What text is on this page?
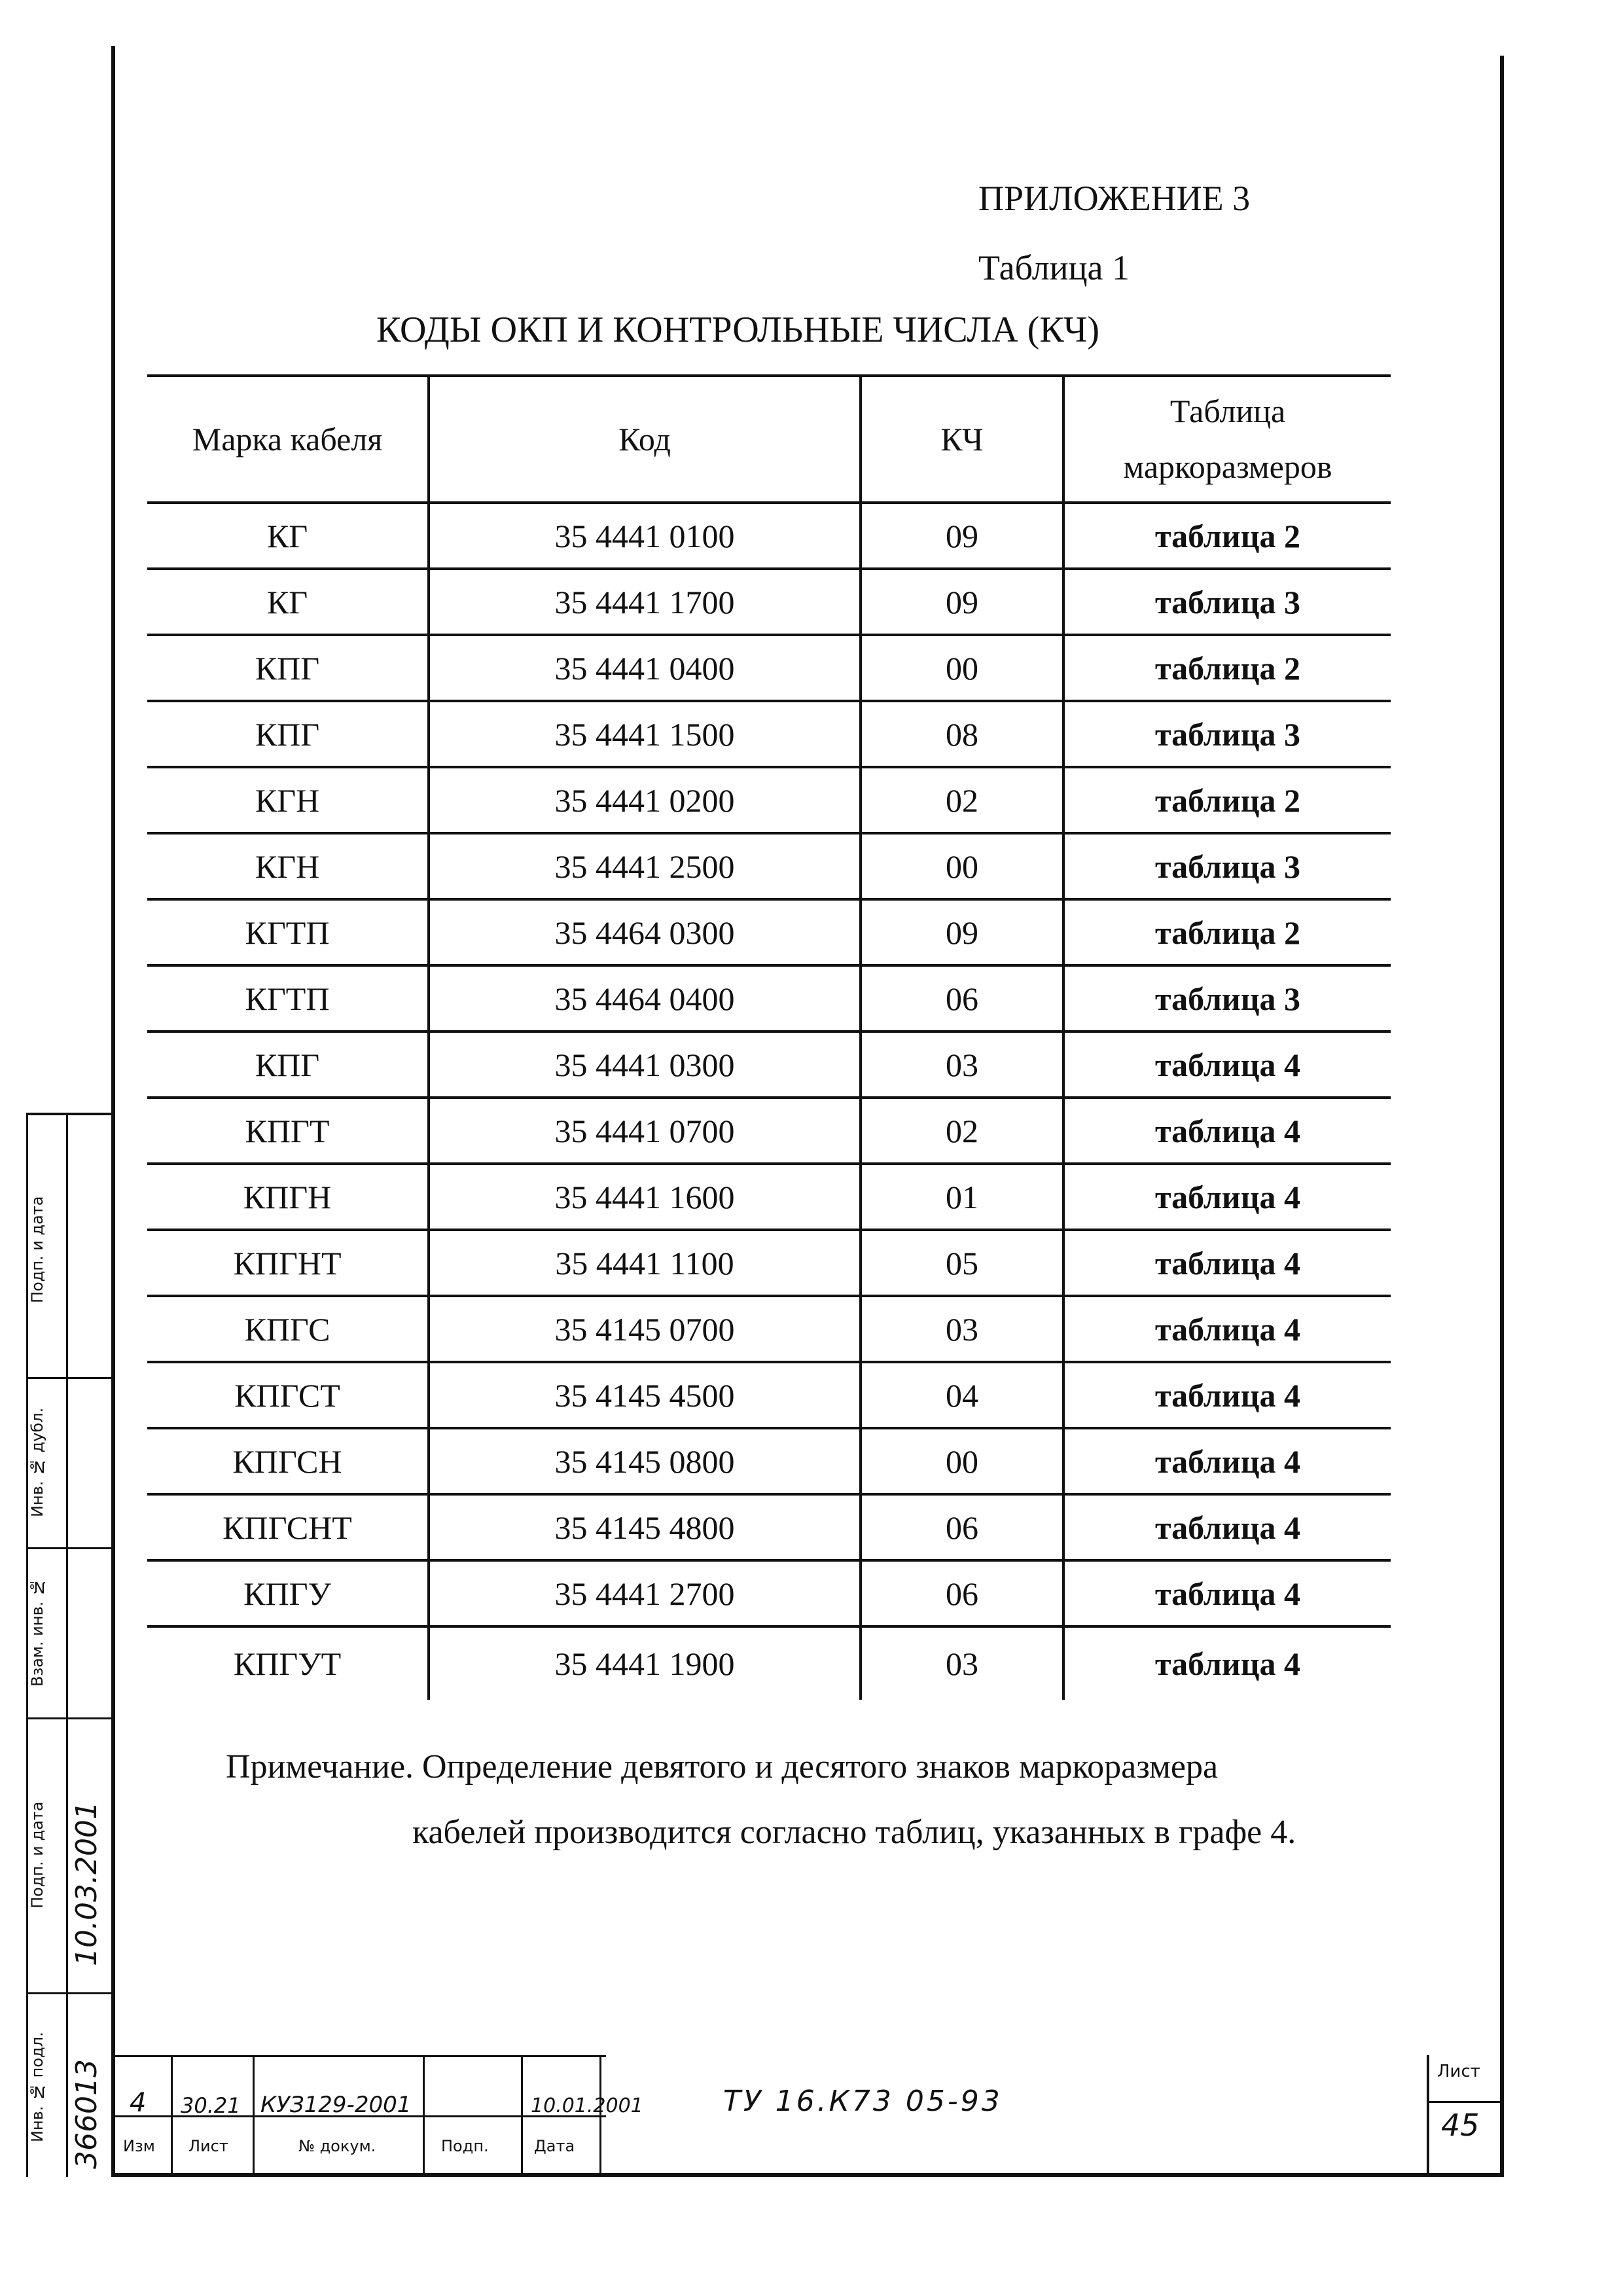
ПРИЛОЖЕНИЕ 3
Таблица 1
КОДЫ ОКП И КОНТРОЛЬНЫЕ ЧИСЛА (КЧ)
Марка кабеля	Код	КЧ	Таблица маркоразмеров
КГ	35 4441 0100	09	таблица 2
КГ	35 4441 1700	09	таблица 3
КПГ	35 4441 0400	00	таблица 2
КПГ	35 4441 1500	08	таблица 3
КГН	35 4441 0200	02	таблица 2
КГН	35 4441 2500	00	таблица 3
КГТП	35 4464 0300	09	таблица 2
КГТП	35 4464 0400	06	таблица 3
КПГ	35 4441 0300	03	таблица 4
КПГТ	35 4441 0700	02	таблица 4
КПГН	35 4441 1600	01	таблица 4
КПГНТ	35 4441 1100	05	таблица 4
КПГС	35 4145 0700	03	таблица 4
КПГСТ	35 4145 4500	04	таблица 4
КПГСН	35 4145 0800	00	таблица 4
КПГСНТ	35 4145 4800	06	таблица 4
КПГУ	35 4441 2700	06	таблица 4
КПГУТ	35 4441 1900	03	таблица 4
Примечание. Определение девятого и десятого знаков маркоразмера
кабелей производится согласно таблиц, указанных в графе 4.
Подп. и дата
Инв. № дубл.
Взам. инв. №
Подп. и дата
Инв. № подл.
10.03.2001
366013 4 30.21 КУЗ129-2001	10.01.2001
Изм Лист	№ докум.	Подп.	Дата
ТУ 16.К73 05-93
Лист
45
